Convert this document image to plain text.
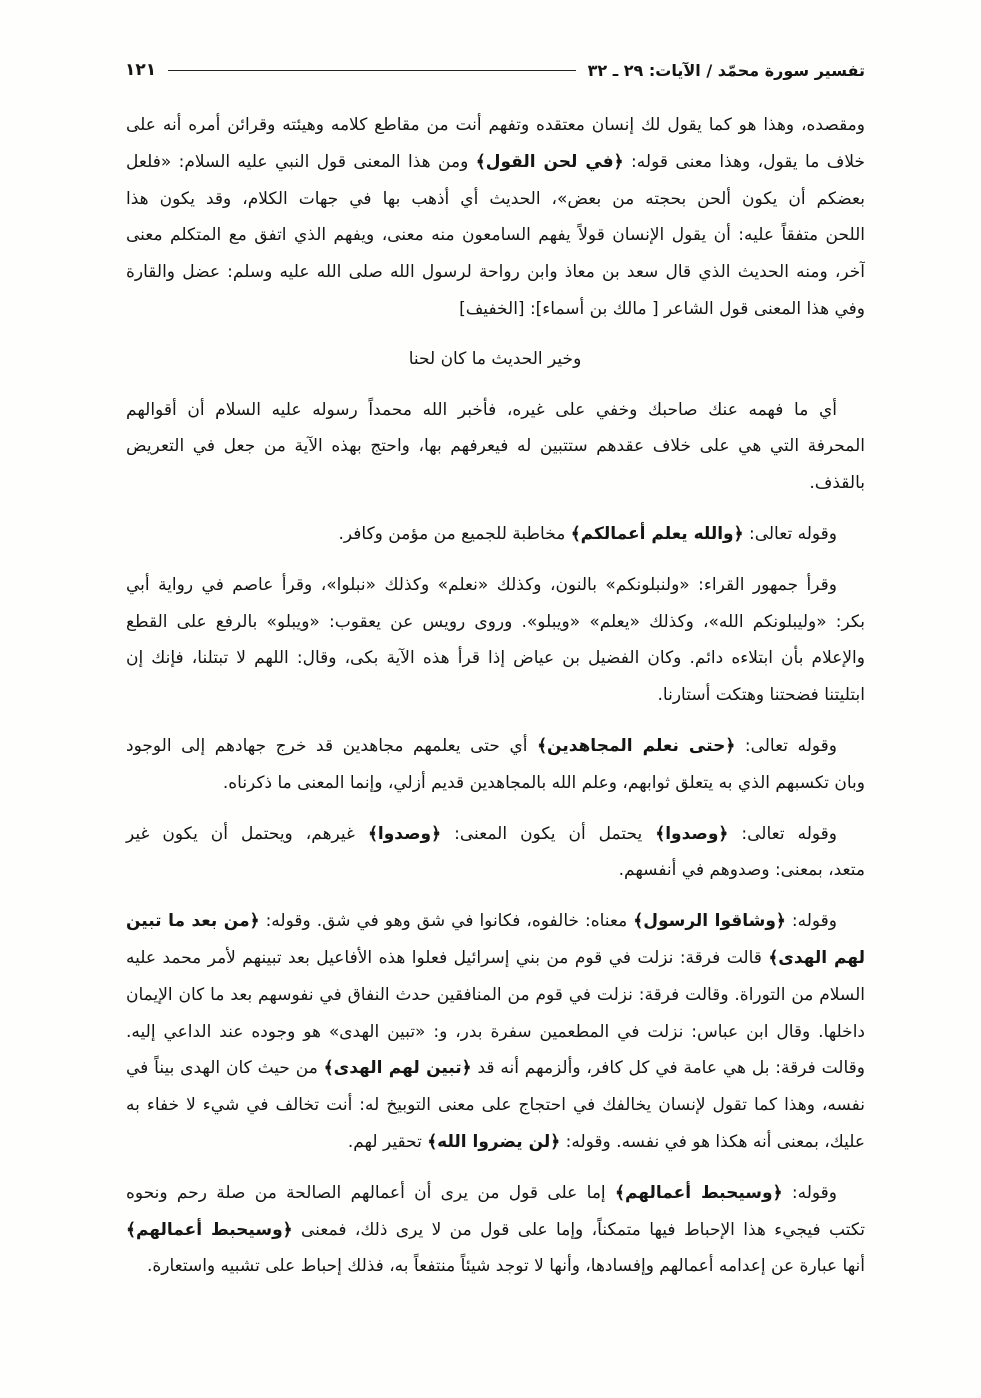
تفسير سورة محمّد / الآيات: ٢٩ ـ ٣٢
١٢١
ومقصده، وهذا هو كما يقول لك إنسان معتقده وتفهم أنت من مقاطع كلامه وهيئته وقرائن أمره أنه على
خلاف ما يقول، وهذا معنى قوله: ﴿في لحن القول﴾ ومن هذا المعنى قول النبي عليه السلام: «فلعل
بعضكم أن يكون ألحن بحجته من بعض»، الحديث أي أذهب بها في جهات الكلام، وقد يكون هذا
اللحن متفقاً عليه: أن يقول الإنسان قولاً يفهم السامعون منه معنى، ويفهم الذي اتفق مع المتكلم معنى
آخر، ومنه الحديث الذي قال سعد بن معاذ وابن رواحة لرسول الله صلى الله عليه وسلم: عضل والقارة
وفي هذا المعنى قول الشاعر [ مالك بن أسماء]: [الخفيف]
وخير الحديث ما كان لحنا
أي ما فهمه عنك صاحبك وخفي على غيره، فأخبر الله محمداً رسوله عليه السلام أن أقوالهم
المحرفة التي هي على خلاف عقدهم ستتبين له فيعرفهم بها، واحتج بهذه الآية من جعل في التعريض
بالقذف.
وقوله تعالى: ﴿والله يعلم أعمالكم﴾ مخاطبة للجميع من مؤمن وكافر.
وقرأ جمهور القراء: «ولنبلونكم» بالنون، وكذلك «نعلم» وكذلك «نبلوا»، وقرأ عاصم في رواية أبي
بكر: «وليبلونكم الله»، وكذلك «يعلم» «ويبلو». وروى رويس عن يعقوب: «ويبلو» بالرفع على القطع
والإعلام بأن ابتلاءه دائم. وكان الفضيل بن عياض إذا قرأ هذه الآية بكى، وقال: اللهم لا تبتلنا، فإنك إن
ابتليتنا فضحتنا وهتكت أستارنا.
وقوله تعالى: ﴿حتى نعلم المجاهدين﴾ أي حتى يعلمهم مجاهدين قد خرج جهادهم إلى الوجود
وبان تكسبهم الذي به يتعلق ثوابهم، وعلم الله بالمجاهدين قديم أزلي، وإنما المعنى ما ذكرناه.
وقوله تعالى: ﴿وصدوا﴾ يحتمل أن يكون المعنى: ﴿وصدوا﴾ غيرهم، ويحتمل أن يكون غير
متعد، بمعنى: وصدوهم في أنفسهم.
وقوله: ﴿وشاقوا الرسول﴾ معناه: خالفوه، فكانوا في شق وهو في شق. وقوله: ﴿من بعد ما تبين
لهم الهدى﴾ قالت فرقة: نزلت في قوم من بني إسرائيل فعلوا هذه الأفاعيل بعد تبينهم لأمر محمد عليه
السلام من التوراة. وقالت فرقة: نزلت في قوم من المنافقين حدث النفاق في نفوسهم بعد ما كان الإيمان
داخلها. وقال ابن عباس: نزلت في المطعمين سفرة بدر، و: «تبين الهدى» هو وجوده عند الداعي إليه.
وقالت فرقة: بل هي عامة في كل كافر، وألزمهم أنه قد ﴿تبين لهم الهدى﴾ من حيث كان الهدى بيناً في
نفسه، وهذا كما تقول لإنسان يخالفك في احتجاج على معنى التوبيخ له: أنت تخالف في شيء لا خفاء به
عليك، بمعنى أنه هكذا هو في نفسه. وقوله: ﴿لن يضروا الله﴾ تحقير لهم.
وقوله: ﴿وسيحبط أعمالهم﴾ إما على قول من يرى أن أعمالهم الصالحة من صلة رحم ونحوه
تكتب فيجيء هذا الإحباط فيها متمكناً، وإما على قول من لا يرى ذلك، فمعنى ﴿وسيحبط أعمالهم﴾
أنها عبارة عن إعدامه أعمالهم وإفسادها، وأنها لا توجد شيئاً منتفعاً به، فذلك إحباط على تشبيه واستعارة.
